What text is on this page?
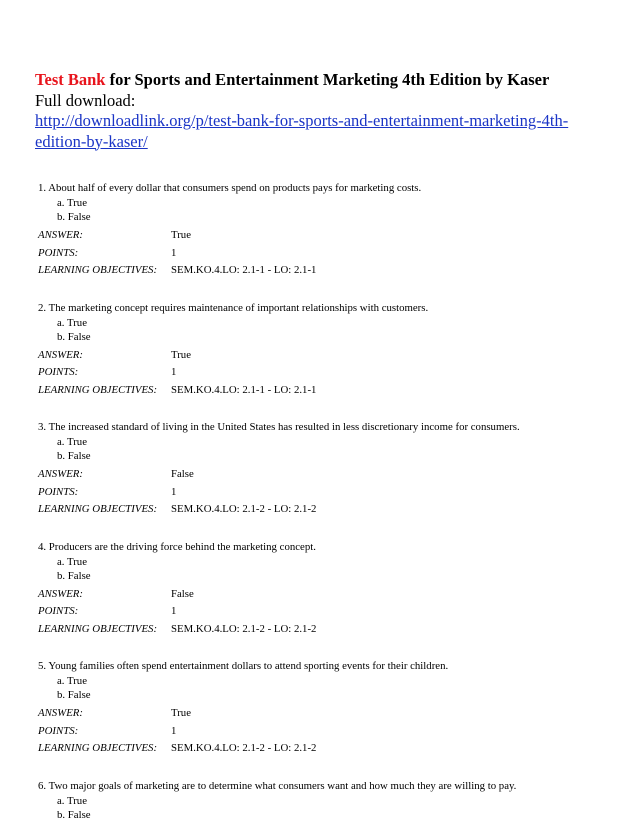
Test Bank for Sports and Entertainment Marketing 4th Edition by Kaser
Full download:
http://downloadlink.org/p/test-bank-for-sports-and-entertainment-marketing-4th-
edition-by-kaser/
1. About half of every dollar that consumers spend on products pays for marketing costs.
a. True
b. False
ANSWER:	True
POINTS:	1
LEARNING OBJECTIVES:	SEM.KO.4.LO: 2.1-1 - LO: 2.1-1
2. The marketing concept requires maintenance of important relationships with customers.
a. True
b. False
ANSWER:	True
POINTS:	1
LEARNING OBJECTIVES:	SEM.KO.4.LO: 2.1-1 - LO: 2.1-1
3. The increased standard of living in the United States has resulted in less discretionary income for consumers.
a. True
b. False
ANSWER:	False
POINTS:	1
LEARNING OBJECTIVES:	SEM.KO.4.LO: 2.1-2 - LO: 2.1-2
4. Producers are the driving force behind the marketing concept.
a. True
b. False
ANSWER:	False
POINTS:	1
LEARNING OBJECTIVES:	SEM.KO.4.LO: 2.1-2 - LO: 2.1-2
5. Young families often spend entertainment dollars to attend sporting events for their children.
a. True
b. False
ANSWER:	True
POINTS:	1
LEARNING OBJECTIVES:	SEM.KO.4.LO: 2.1-2 - LO: 2.1-2
6. Two major goals of marketing are to determine what consumers want and how much they are willing to pay.
a. True
b. False
